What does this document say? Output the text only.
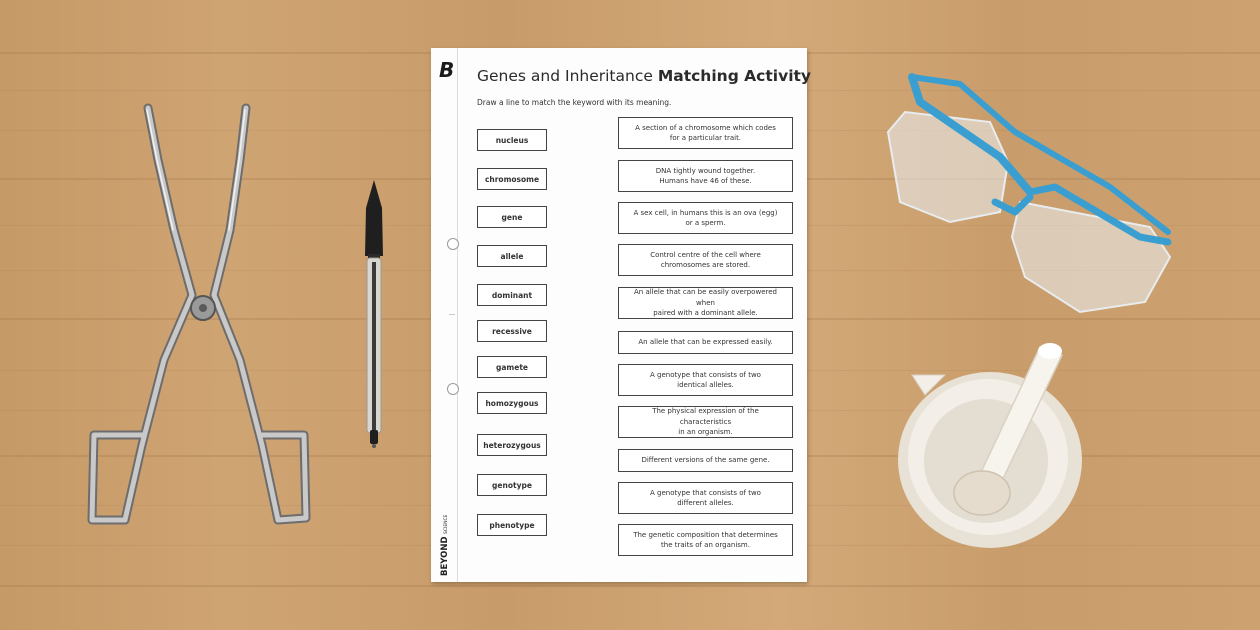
B
BEYOND
SCIENCE
Genes and Inheritance Matching Activity
Draw a line to match the keyword with its meaning.
nucleus
chromosome
gene
allele
dominant
recessive
gamete
homozygous
heterozygous
genotype
phenotype
A section of a chromosome which codes
for a particular trait.
DNA tightly wound together.
Humans have 46 of these.
A sex cell, in humans this is an ova (egg)
or a sperm.
Control centre of the cell where
chromosomes are stored.
An allele that can be easily overpowered when
paired with a dominant allele.
An allele that can be expressed easily.
A genotype that consists of two
identical alleles.
The physical expression of the characteristics
in an organism.
Different versions of the same gene.
A genotype that consists of two
different alleles.
The genetic composition that determines
the traits of an organism.
